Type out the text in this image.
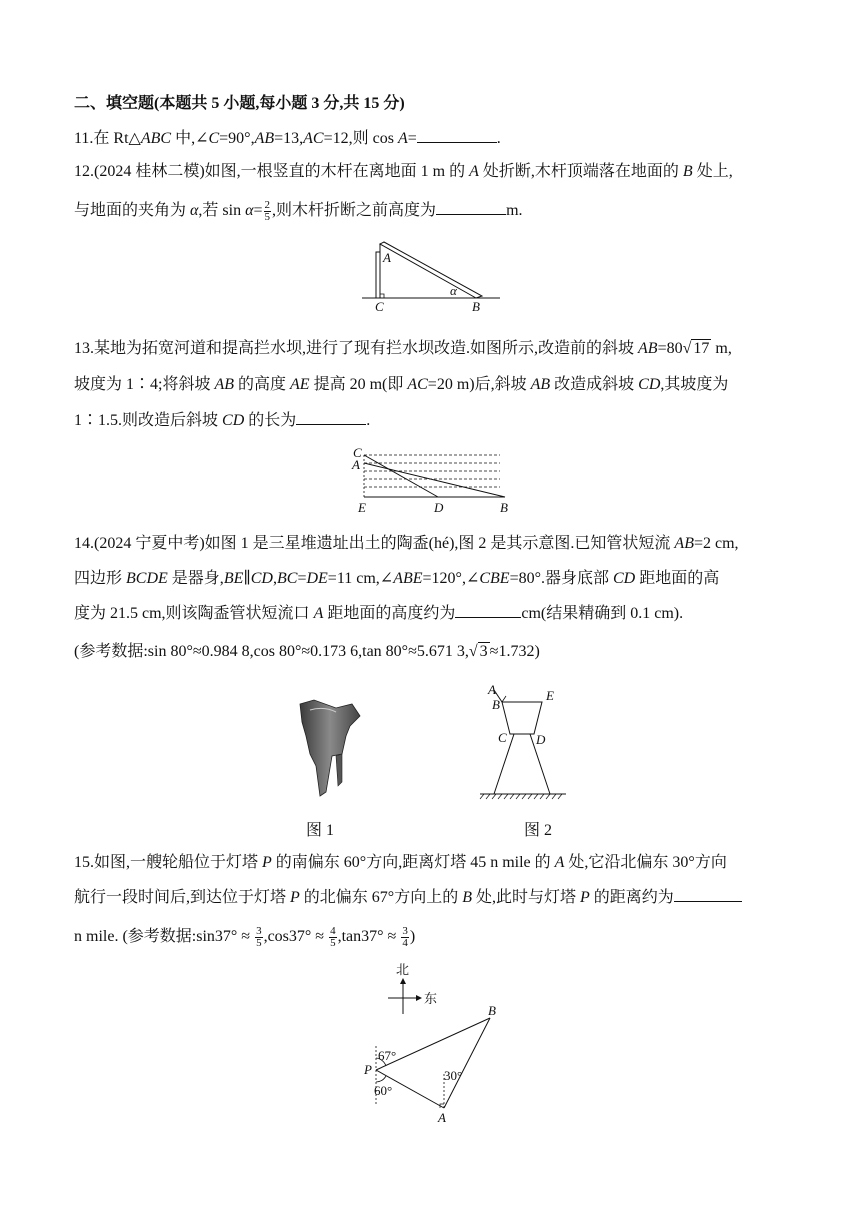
二、填空题(本题共 5 小题,每小题 3 分,共 15 分)
11.在 Rt△ABC 中,∠C=90°,AB=13,AC=12,则 cos A=	.
12.(2024 桂林二模)如图,一根竖直的木杆在离地面 1 m 的 A 处折断,木杆顶端落在地面的 B 处上,
与地面的夹角为 α,若 $\sin \alpha= \frac{2}{5}$ ,则木杆折断之前高度为	m.
A
C	B
α
13.某地为拓宽河道和提高拦水坝,进行了现有拦水坝改造.如图所示,改造前的斜坡 AB=80√ 17 m,
坡度为 1∶4;将斜坡 AB 的高度 AE 提高 20 m(即 AC=20 m)后,斜坡 AB 改造成斜坡 CD,其坡度为
1∶1.5.则改造后斜坡 CD 的长为	.
C
A
E	D	B
14.(2024 宁夏中考)如图 1 是三星堆遗址出土的陶盉(hé),图 2 是其示意图.已知管状短流 AB=2 cm,
四边形 BCDE 是器身,BE∥CD,BC=DE=11 cm,∠ABE=120°,∠CBE=80°.器身底部 CD 距地面的高
度为 21.5 cm,则该陶盉管状短流口 A 距地面的高度约为	cm(结果精确到 0.1 cm).
(参考数据:sin 80°≈0.984 8,cos 80°≈0.173 6,tan 80°≈5.671 3,√ 3 ≈1.732)
图 1
A
B
E
C D
图 2
15.如图,一艘轮船位于灯塔 P 的南偏东 60°方向,距离灯塔 45 n mile 的 A 处,它沿北偏东 30°方向
航行一段时间后,到达位于灯塔 P 的北偏东 67°方向上的 B 处,此时与灯塔 P 的距离约为
n mile. (参考数据:sin37° ≈ $\frac{3}{5} ,\cos 37^\circ \approx \frac{4}{5} ,\tan 37^\circ \approx \frac{3}{4}$ )
北
东
P
B
A
67°
60°
30°
